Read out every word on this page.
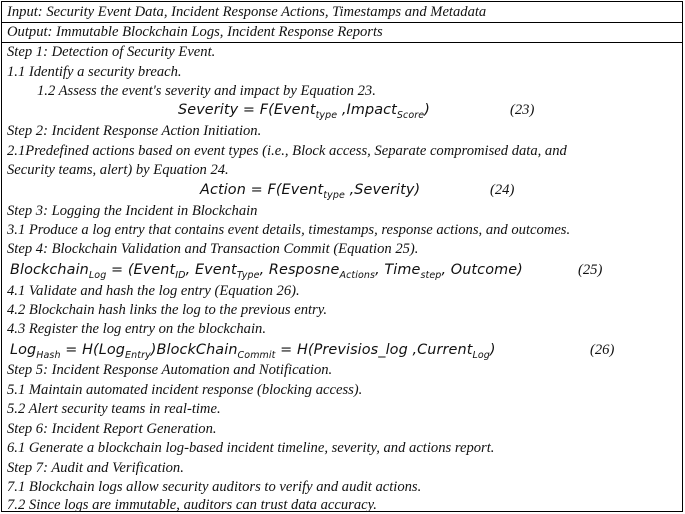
Input: Security Event Data, Incident Response Actions, Timestamps and Metadata
Output: Immutable Blockchain Logs, Incident Response Reports
Step 1: Detection of Security Event.
1.1 Identify a security breach.
1.2 Assess the event's severity and impact by Equation 23.
Severity = F(Event$_{type}$ ,Impact$_{Score}$)	(23)
Step 2: Incident Response Action Initiation.
2.1Predefined actions based on event types (i.e., Block access, Separate compromised data, and
Security teams, alert) by Equation 24.
Action = F(Event$_{type}$ ,Severity)	(24)
Step 3: Logging the Incident in Blockchain
3.1 Produce a log entry that contains event details, timestamps, response actions, and outcomes.
Step 4: Blockchain Validation and Transaction Commit (Equation 25).
Blockchain$_{Log}$ = (Event$_{ID}$, Event$_{Type}$, Resposne$_{Actions}$, Time$_{step}$, Outcome)	(25)
4.1 Validate and hash the log entry (Equation 26).
4.2 Blockchain hash links the log to the previous entry.
4.3 Register the log entry on the blockchain.
Log$_{Hash}$ = H(Log$_{Entry}$)BlockChain$_{Commit}$ = H(Previsios_log ,Current$_{Log}$)	(26)
Step 5: Incident Response Automation and Notification.
5.1 Maintain automated incident response (blocking access).
5.2 Alert security teams in real-time.
Step 6: Incident Report Generation.
6.1 Generate a blockchain log-based incident timeline, severity, and actions report.
Step 7: Audit and Verification.
7.1 Blockchain logs allow security auditors to verify and audit actions.
7.2 Since logs are immutable, auditors can trust data accuracy.
